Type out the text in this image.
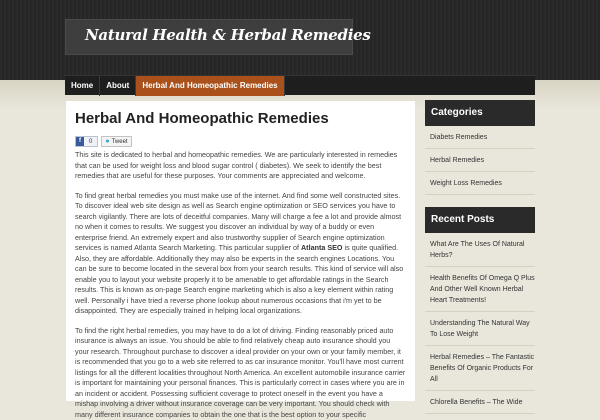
Natural Health & Herbal Remedies
Home	About	Herbal And Homeopathic Remedies
Herbal And Homeopathic Remedies
f	0	● Tweet

This site is dedicated to herbal and homeopathic remedies. We are particularly interested in remedies that can be used for weight loss and blood sugar control ( diabetes). We seek to identify the best remedies that are useful for these purposes. Your comments are appreciated and welcome.

To find great herbal remedies you must make use of the internet. And find some well constructed sites. To discover ideal web site design as well as Search engine optimization or SEO services you have to search vigilantly. There are lots of deceitful companies. Many will charge a fee a lot and provide almost no when it comes to results. We suggest you discover an individual by way of a buddy or even enterprise friend. An extremely expert and also trustworthy supplier of Search engine optimization services is named Atlanta Search Marketing. This particular supplier of Atlanta SEO is quite qualified. Also, they are affordable. Additionally they may also be experts in the search engines Locations. You can be sure to become located in the several box from your search results. This kind of service will also enable you to layout your website properly it to be amenable to get affordable ratings in the Search results. This is known as on-page Search engine marketing which is also a key element within rating well. Personally i have tried a reverse phone lookup about numerous occasions that i'm yet to be disappointed. They are especially trained in helping local organizations.

To find the right herbal remedies, you may have to do a lot of driving. Finding reasonably priced auto insurance is always an issue. You should be able to find relatively cheap auto insurance should you your research. Throughout purchase to discover a ideal provider on your own or your family member, it is recommended that you go to a web site referred to as car insurance monitor. You'll have most current listings for all the different localities throughout North America. An excellent automobile insurance carrier is important for maintaining your personal finances. This is particularly correct in cases where you are in an incident or accident. Possessing sufficient coverage to protect oneself in the event you have a mishap involving a driver without insurance coverage can be very important. You should check with many different insurance companies to obtain the one that is the best option to your specific

Categories
Diabets Remedies
Herbal Remedies
Weight Loss Remedies
Recent Posts
What Are The Uses Of Natural Herbs?
Health Benefits Of Omega Q Plus And Other Well Known Herbal Heart Treatments!
Understanding The Natural Way To Lose Weight
Herbal Remedies – The Fantastic Benefits Of Organic Products For All
Chlorella Benefits – The Wide
